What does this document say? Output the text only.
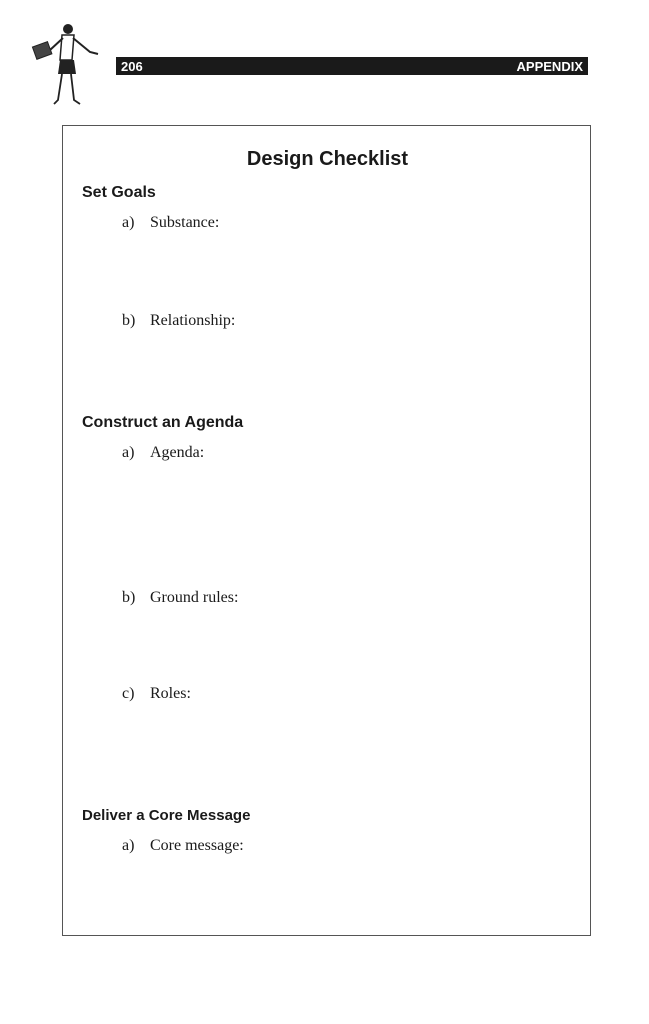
206	APPENDIX
Design Checklist
Set Goals
a) Substance:
b) Relationship:
Construct an Agenda
a) Agenda:
b) Ground rules:
c) Roles:
Deliver a Core Message
a) Core message:
